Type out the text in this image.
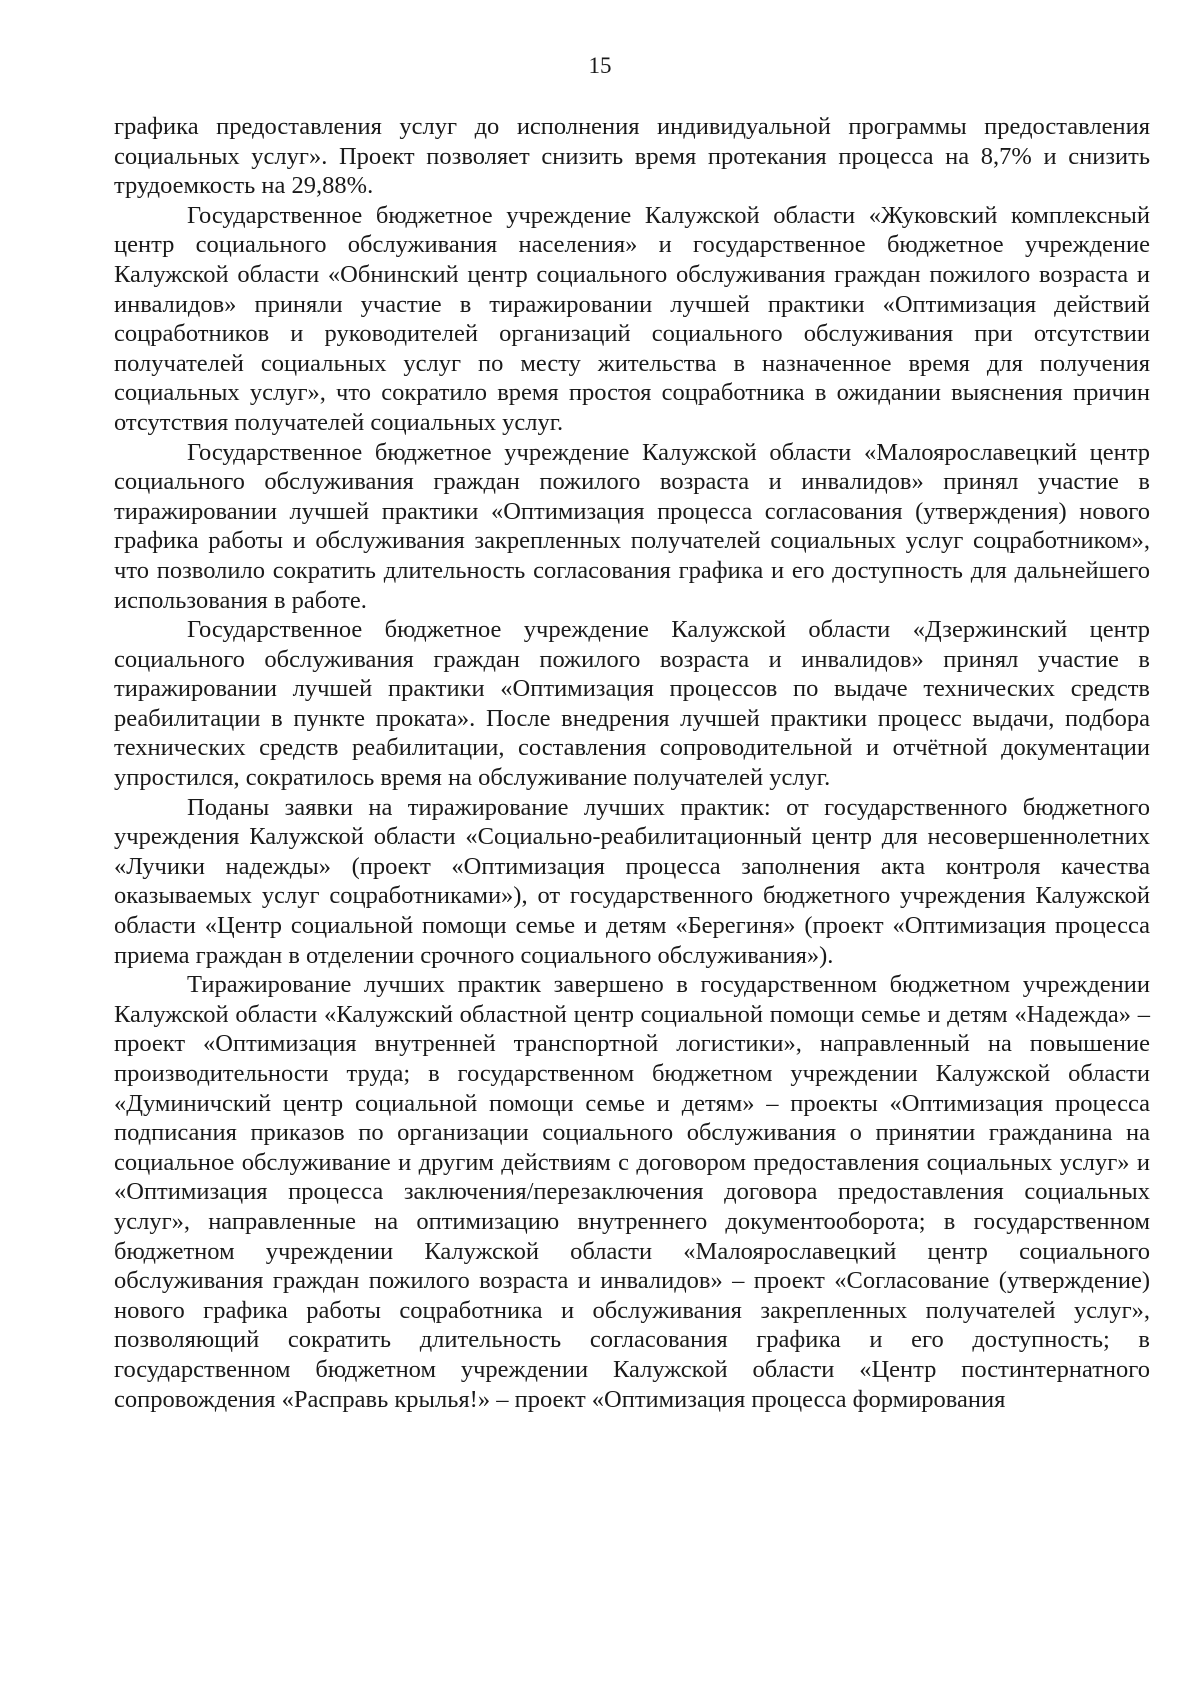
15

графика предоставления услуг до исполнения индивидуальной программы предоставления социальных услуг». Проект позволяет снизить время протекания процесса на 8,7% и снизить трудоемкость на 29,88%.

Государственное бюджетное учреждение Калужской области «Жуковский комплексный центр социального обслуживания населения» и государственное бюджетное учреждение Калужской области «Обнинский центр социального обслуживания граждан пожилого возраста и инвалидов» приняли участие в тиражировании лучшей практики «Оптимизация действий соцработников и руководителей организаций социального обслуживания при отсутствии получателей социальных услуг по месту жительства в назначенное время для получения социальных услуг», что сократило время простоя соцработника в ожидании выяснения причин отсутствия получателей социальных услуг.

Государственное бюджетное учреждение Калужской области «Малоярославецкий центр социального обслуживания граждан пожилого возраста и инвалидов» принял участие в тиражировании лучшей практики «Оптимизация процесса согласования (утверждения) нового графика работы и обслуживания закрепленных получателей социальных услуг соцработником», что позволило сократить длительность согласования графика и его доступность для дальнейшего использования в работе.

Государственное бюджетное учреждение Калужской области «Дзержинский центр социального обслуживания граждан пожилого возраста и инвалидов» принял участие в тиражировании лучшей практики «Оптимизация процессов по выдаче технических средств реабилитации в пункте проката». После внедрения лучшей практики процесс выдачи, подбора технических средств реабилитации, составления сопроводительной и отчётной документации упростился, сократилось время на обслуживание получателей услуг.

Поданы заявки на тиражирование лучших практик: от государственного бюджетного учреждения Калужской области «Социально-реабилитационный центр для несовершеннолетних «Лучики надежды» (проект «Оптимизация процесса заполнения акта контроля качества оказываемых услуг соцработниками»), от государственного бюджетного учреждения Калужской области «Центр социальной помощи семье и детям «Берегиня» (проект «Оптимизация процесса приема граждан в отделении срочного социального обслуживания»).

Тиражирование лучших практик завершено в государственном бюджетном учреждении Калужской области «Калужский областной центр социальной помощи семье и детям «Надежда» – проект «Оптимизация внутренней транспортной логистики», направленный на повышение производительности труда; в государственном бюджетном учреждении Калужской области «Думиничский центр социальной помощи семье и детям» – проекты «Оптимизация процесса подписания приказов по организации социального обслуживания о принятии гражданина на социальное обслуживание и другим действиям с договором предоставления социальных услуг» и «Оптимизация процесса заключения/перезаключения договора предоставления социальных услуг», направленные на оптимизацию внутреннего документооборота; в государственном бюджетном учреждении Калужской области «Малоярославецкий центр социального обслуживания граждан пожилого возраста и инвалидов» – проект «Согласование (утверждение) нового графика работы соцработника и обслуживания закрепленных получателей услуг», позволяющий сократить длительность согласования графика и его доступность; в государственном бюджетном учреждении Калужской области «Центр постинтернатного сопровождения «Расправь крылья!» – проект «Оптимизация процесса формирования
